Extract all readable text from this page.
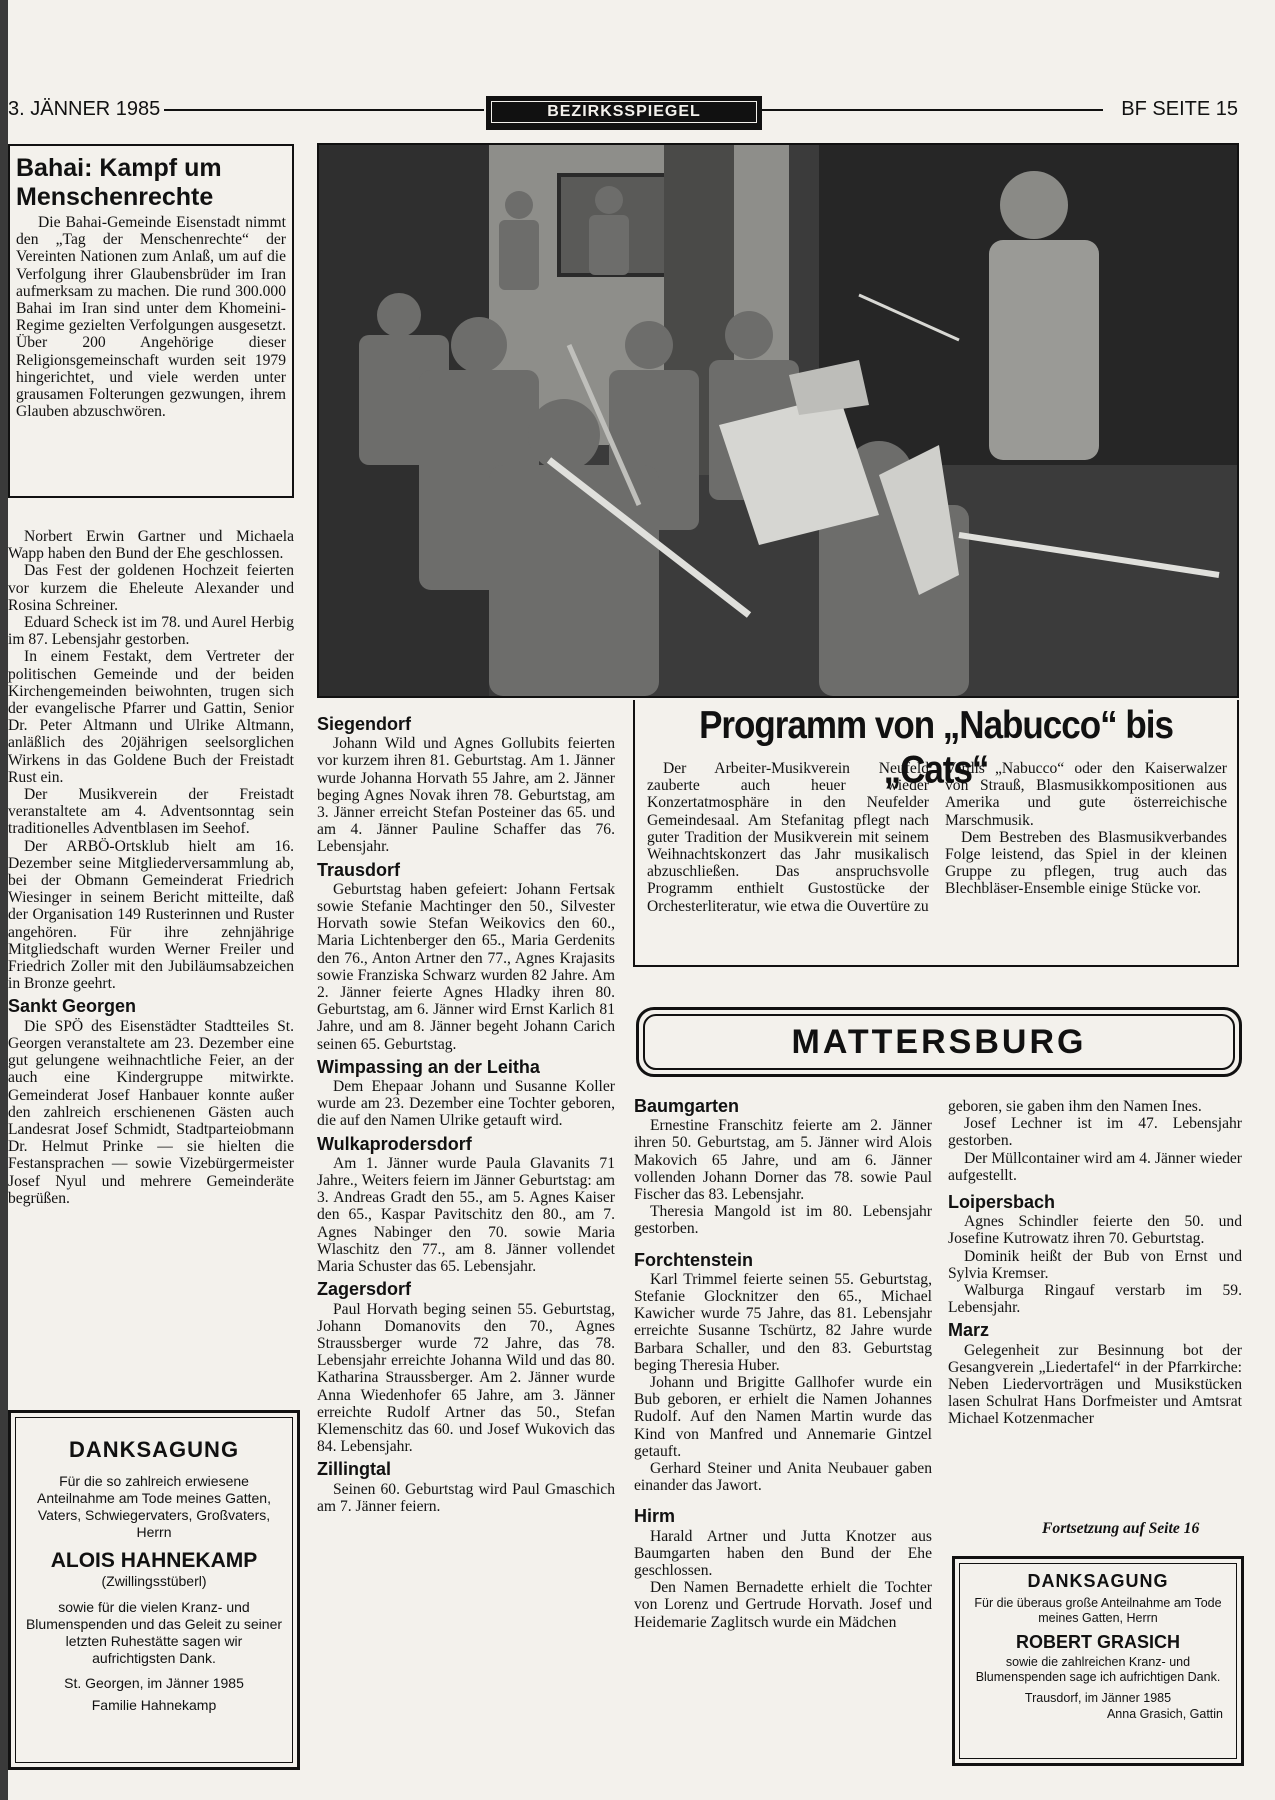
3. JÄNNER 1985	BEZIRKSSPIEGEL	BF SEITE 15
Bahai: Kampf um Menschenrechte

Die Bahai-Gemeinde Eisenstadt nimmt den „Tag der Menschenrechte“ der Vereinten Nationen zum Anlaß, um auf die Verfolgung ihrer Glaubensbrüder im Iran aufmerksam zu machen. Die rund 300.000 Bahai im Iran sind unter dem Khomeini-Regime gezielten Verfolgungen ausgesetzt. Über 200 Angehörige dieser Religionsgemeinschaft wurden seit 1979 hingerichtet, und viele werden unter grausamen Folterungen gezwungen, ihrem Glauben abzuschwören.

Norbert Erwin Gartner und Michaela Wapp haben den Bund der Ehe geschlossen.

Das Fest der goldenen Hochzeit feierten vor kurzem die Eheleute Alexander und Rosina Schreiner.

Eduard Scheck ist im 78. und Aurel Herbig im 87. Lebensjahr gestorben.

In einem Festakt, dem Vertreter der politischen Gemeinde und der beiden Kirchengemeinden beiwohnten, trugen sich der evangelische Pfarrer und Gattin, Senior Dr. Peter Altmann und Ulrike Altmann, anläßlich des 20jährigen seelsorglichen Wirkens in das Goldene Buch der Freistadt Rust ein.

Der Musikverein der Freistadt veranstaltete am 4. Adventsonntag sein traditionelles Adventblasen im Seehof.

Der ARBÖ-Ortsklub hielt am 16. Dezember seine Mitgliederversammlung ab, bei der Obmann Gemeinderat Friedrich Wiesinger in seinem Bericht mitteilte, daß der Organisation 149 Rusterinnen und Ruster angehören. Für ihre zehnjährige Mitgliedschaft wurden Werner Freiler und Friedrich Zoller mit den Jubiläumsabzeichen in Bronze geehrt.

Sankt Georgen

Die SPÖ des Eisenstädter Stadtteiles St. Georgen veranstaltete am 23. Dezember eine gut gelungene weihnachtliche Feier, an der auch eine Kindergruppe mitwirkte. Gemeinderat Josef Hanbauer konnte außer den zahlreich erschienenen Gästen auch Landesrat Josef Schmidt, Stadtparteiobmann Dr. Helmut Prinke — sie hielten die Festansprachen — sowie Vizebürgermeister Josef Nyul und mehrere Gemeinderäte begrüßen.

DANKSAGUNG

Für die so zahlreich erwiesene Anteilnahme am Tode meines Gatten, Vaters, Schwiegervaters, Großvaters, Herrn

ALOIS HAHNEKAMP

(Zwillingsstüberl)

sowie für die vielen Kranz- und Blumenspenden und das Geleit zu seiner letzten Ruhestätte sagen wir aufrichtigsten Dank.

St. Georgen, im Jänner 1985

Familie Hahnekamp

Siegendorf

Johann Wild und Agnes Gollubits feierten vor kurzem ihren 81. Geburtstag. Am 1. Jänner wurde Johanna Horvath 55 Jahre, am 2. Jänner beging Agnes Novak ihren 78. Geburtstag, am 3. Jänner erreicht Stefan Posteiner das 65. und am 4. Jänner Pauline Schaffer das 76. Lebensjahr.

Trausdorf

Geburtstag haben gefeiert: Johann Fertsak sowie Stefanie Machtinger den 50., Silvester Horvath sowie Stefan Weikovics den 60., Maria Lichtenberger den 65., Maria Gerdenits den 76., Anton Artner den 77., Agnes Krajasits sowie Franziska Schwarz wurden 82 Jahre. Am 2. Jänner feierte Agnes Hladky ihren 80. Geburtstag, am 6. Jänner wird Ernst Karlich 81 Jahre, und am 8. Jänner begeht Johann Carich seinen 65. Geburtstag.

Wimpassing an der Leitha

Dem Ehepaar Johann und Susanne Koller wurde am 23. Dezember eine Tochter geboren, die auf den Namen Ulrike getauft wird.

Wulkaprodersdorf

Am 1. Jänner wurde Paula Glavanits 71 Jahre., Weiters feiern im Jänner Geburtstag: am 3. Andreas Gradt den 55., am 5. Agnes Kaiser den 65., Kaspar Pavitschitz den 80., am 7. Agnes Nabinger den 70. sowie Maria Wlaschitz den 77., am 8. Jänner vollendet Maria Schuster das 65. Lebensjahr.

Zagersdorf

Paul Horvath beging seinen 55. Geburtstag, Johann Domanovits den 70., Agnes Straussberger wurde 72 Jahre, das 78. Lebensjahr erreichte Johanna Wild und das 80. Katharina Straussberger. Am 2. Jänner wurde Anna Wiedenhofer 65 Jahre, am 3. Jänner erreichte Rudolf Artner das 50., Stefan Klemenschitz das 60. und Josef Wukovich das 84. Lebensjahr.

Zillingtal

Seinen 60. Geburtstag wird Paul Gmaschich am 7. Jänner feiern.

Programm von „Nabucco“ bis „Cats“

Der Arbeiter-Musikverein Neufeld zauberte auch heuer wieder Konzertatmosphäre in den Neufelder Gemeindesaal. Am Stefanitag pflegt nach guter Tradition der Musikverein mit seinem Weihnachtskonzert das Jahr musikalisch abzuschließen. Das anspruchsvolle Programm enthielt Gustostücke der Orchesterliteratur, wie etwa die Ouvertüre zu

Verdis „Nabucco“ oder den Kaiserwalzer von Strauß, Blasmusikkompositionen aus Amerika und gute österreichische Marschmusik.

Dem Bestreben des Blasmusikverbandes Folge leistend, das Spiel in der kleinen Gruppe zu pflegen, trug auch das Blechbläser-Ensemble einige Stücke vor.

MATTERSBURG
Baumgarten

Ernestine Franschitz feierte am 2. Jänner ihren 50. Geburtstag, am 5. Jänner wird Alois Makovich 65 Jahre, und am 6. Jänner vollenden Johann Dorner das 78. sowie Paul Fischer das 83. Lebensjahr.

Theresia Mangold ist im 80. Lebensjahr gestorben.

Forchtenstein

Karl Trimmel feierte seinen 55. Geburtstag, Stefanie Glocknitzer den 65., Michael Kawicher wurde 75 Jahre, das 81. Lebensjahr erreichte Susanne Tschürtz, 82 Jahre wurde Barbara Schaller, und den 83. Geburtstag beging Theresia Huber.

Johann und Brigitte Gallhofer wurde ein Bub geboren, er erhielt die Namen Johannes Rudolf. Auf den Namen Martin wurde das Kind von Manfred und Annemarie Gintzel getauft.

Gerhard Steiner und Anita Neubauer gaben einander das Jawort.

Hirm

Harald Artner und Jutta Knotzer aus Baumgarten haben den Bund der Ehe geschlossen.

Den Namen Bernadette erhielt die Tochter von Lorenz und Gertrude Horvath. Josef und Heidemarie Zaglitsch wurde ein Mädchen

geboren, sie gaben ihm den Namen Ines.

Josef Lechner ist im 47. Lebensjahr gestorben.

Der Müllcontainer wird am 4. Jänner wieder aufgestellt.

Loipersbach

Agnes Schindler feierte den 50. und Josefine Kutrowatz ihren 70. Geburtstag.

Dominik heißt der Bub von Ernst und Sylvia Kremser.

Walburga Ringauf verstarb im 59. Lebensjahr.

Marz

Gelegenheit zur Besinnung bot der Gesangverein „Liedertafel“ in der Pfarrkirche: Neben Liedervorträgen und Musikstücken lasen Schulrat Hans Dorfmeister und Amtsrat Michael Kotzenmacher

Fortsetzung auf Seite 16
DANKSAGUNG

Für die überaus große Anteilnahme am Tode meines Gatten, Herrn

ROBERT GRASICH

sowie die zahlreichen Kranz- und Blumenspenden sage ich aufrichtigen Dank.

Trausdorf, im Jänner 1985

Anna Grasich, Gattin
